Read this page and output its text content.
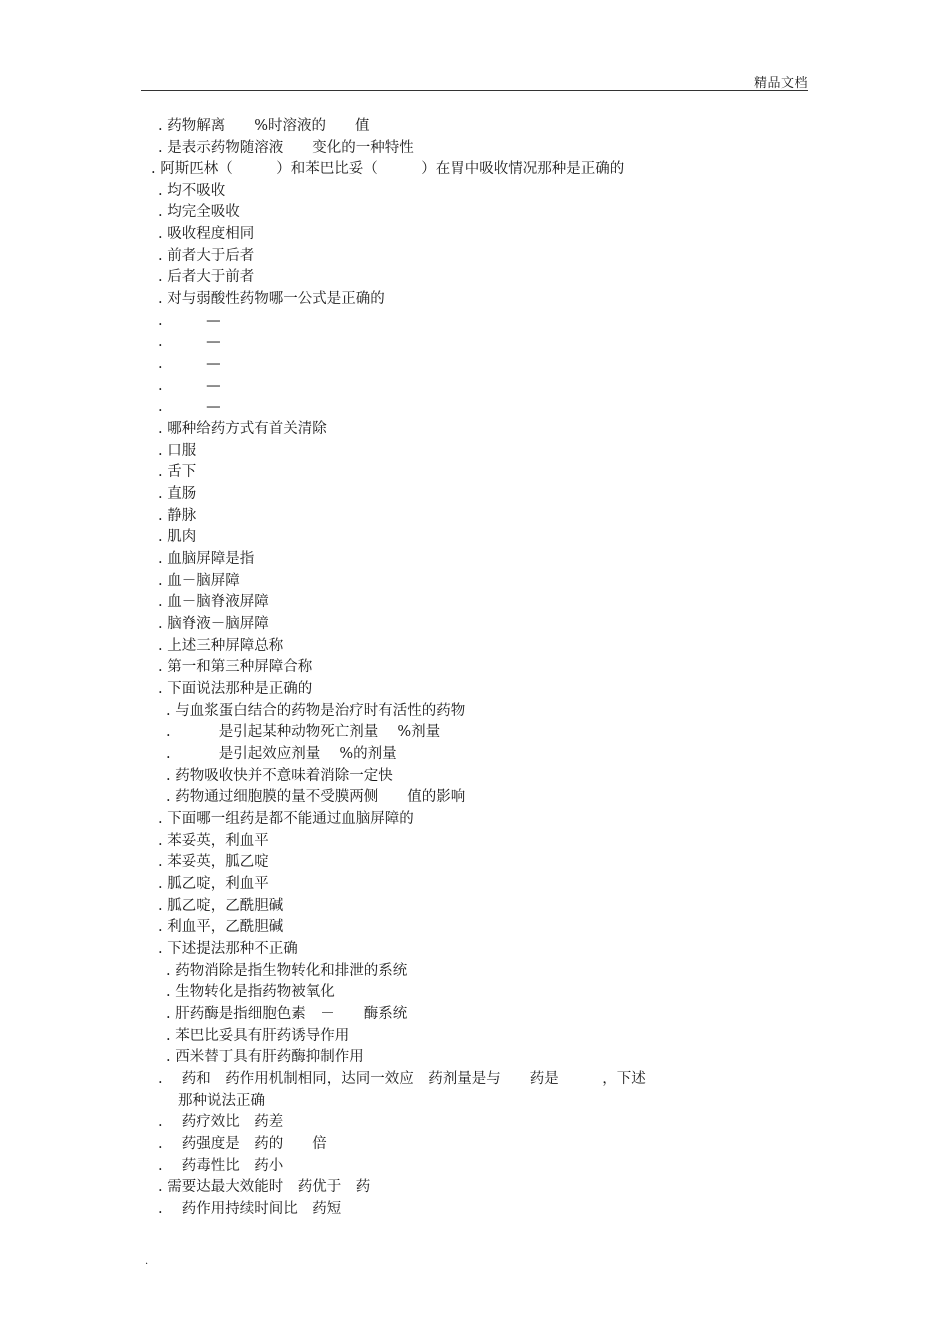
精品文档
. 药物解离　　%时溶液的　　值
. 是表示药物随溶液　　变化的一种特性
. 阿斯匹林（　　　）和苯巴比妥（　　　）在胃中吸收情况那种是正确的
. 均不吸收
. 均完全吸收
. 吸收程度相同
. 前者大于后者
. 后者大于前者
. 对与弱酸性药物哪一公式是正确的
.　　　—
.　　　—
.　　　—
.　　　—
.　　　—
. 哪种给药方式有首关清除
. 口服
. 舌下
. 直肠
. 静脉
. 肌肉
. 血脑屏障是指
. 血－脑屏障
. 血－脑脊液屏障
. 脑脊液－脑屏障
. 上述三种屏障总称
. 第一和第三种屏障合称
. 下面说法那种是正确的
. 与血浆蛋白结合的药物是治疗时有活性的药物
.　　　 是引起某种动物死亡剂量　 %剂量
.　　　 是引起效应剂量　 %的剂量
. 药物吸收快并不意味着消除一定快
. 药物通过细胞膜的量不受膜两侧　　值的影响
. 下面哪一组药是都不能通过血脑屏障的
. 苯妥英，利血平
. 苯妥英，胍乙啶
. 胍乙啶，利血平
. 胍乙啶，乙酰胆碱
. 利血平，乙酰胆碱
. 下述提法那种不正确
. 药物消除是指生物转化和排泄的系统
. 生物转化是指药物被氧化
. 肝药酶是指细胞色素　－　　酶系统
. 苯巴比妥具有肝药诱导作用
. 西米替丁具有肝药酶抑制作用
.　 药和　药作用机制相同，达同一效应　药剂量是与　　药是　　　，下述
那种说法正确
.　 药疗效比　药差
.　 药强度是　药的　　倍
.　 药毒性比　药小
. 需要达最大效能时　药优于　药
.　 药作用持续时间比　药短
.
